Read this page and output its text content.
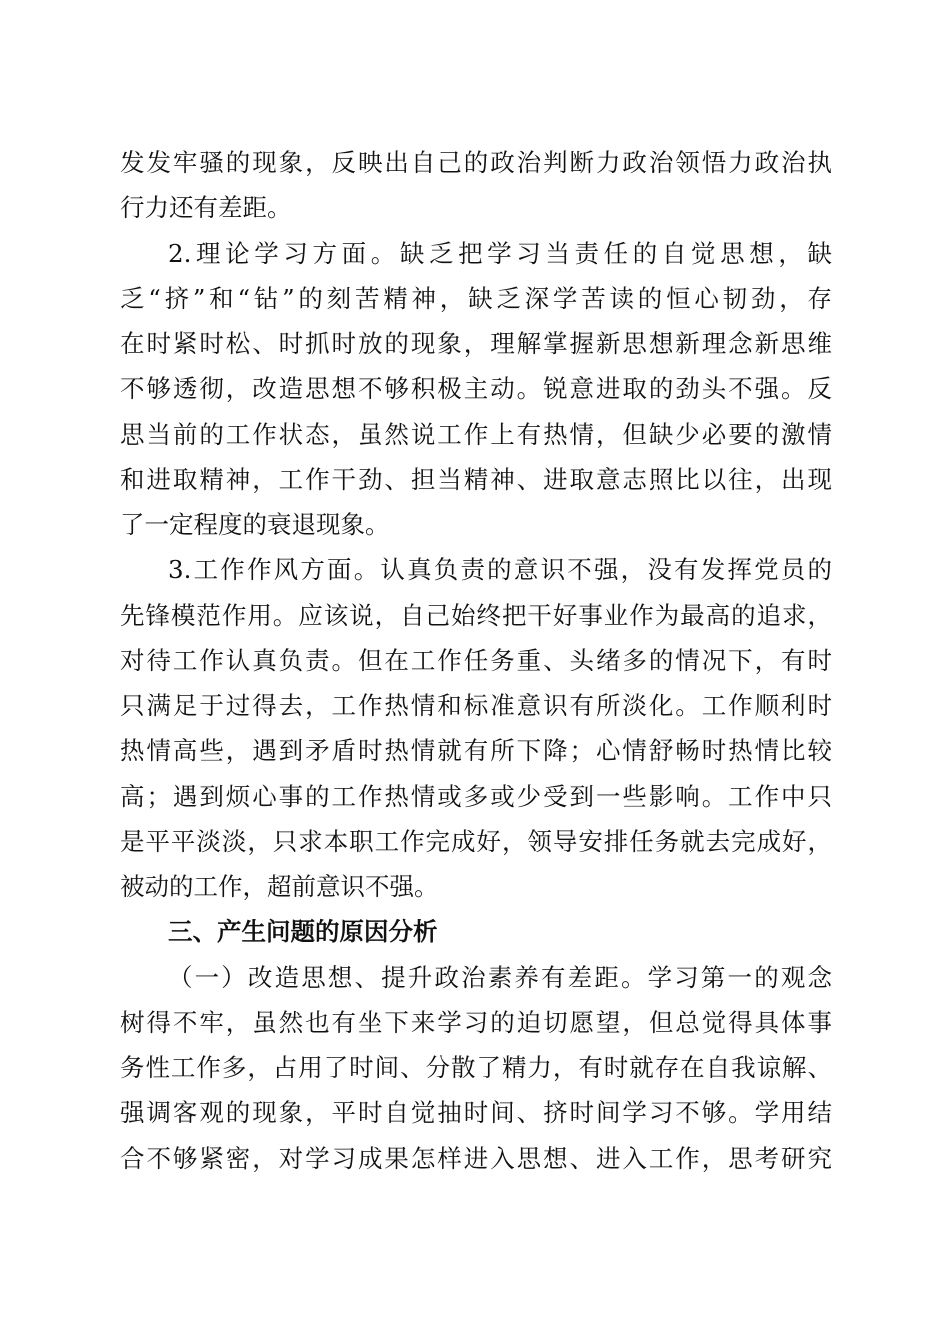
发发牢骚的现象，反映出自己的政治判断力政治领悟力政治执
行力还有差距。
2.理论学习方面。缺乏把学习当责任的自觉思想，缺
乏“挤”和“钻”的刻苦精神，缺乏深学苦读的恒心韧劲，存
在时紧时松、时抓时放的现象，理解掌握新思想新理念新思维
不够透彻，改造思想不够积极主动。锐意进取的劲头不强。反
思当前的工作状态，虽然说工作上有热情，但缺少必要的激情
和进取精神，工作干劲、担当精神、进取意志照比以往，出现
了一定程度的衰退现象。
3.工作作风方面。认真负责的意识不强，没有发挥党员的
先锋模范作用。应该说，自己始终把干好事业作为最高的追求，
对待工作认真负责。但在工作任务重、头绪多的情况下，有时
只满足于过得去，工作热情和标准意识有所淡化。工作顺利时
热情高些，遇到矛盾时热情就有所下降；心情舒畅时热情比较
高；遇到烦心事的工作热情或多或少受到一些影响。工作中只
是平平淡淡，只求本职工作完成好，领导安排任务就去完成好，
被动的工作，超前意识不强。
三、产生问题的原因分析
（一）改造思想、提升政治素养有差距。学习第一的观念
树得不牢，虽然也有坐下来学习的迫切愿望，但总觉得具体事
务性工作多，占用了时间、分散了精力，有时就存在自我谅解、
强调客观的现象，平时自觉抽时间、挤时间学习不够。学用结
合不够紧密，对学习成果怎样进入思想、进入工作，思考研究
